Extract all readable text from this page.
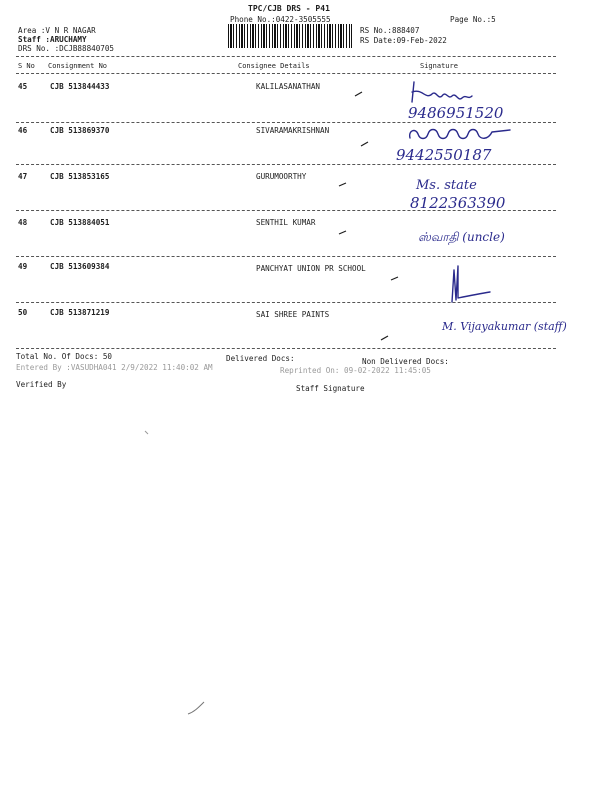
TPC/CJB DRS - P41
Phone No.:0422-3505555	Page No.:5
Area :V N R NAGAR
Staff :ARUCHAMY
DRS No. :DCJB88840705
RS No.:888407
RS Date:09-Feb-2022
S No Consignment No	Consignee Details	Signature
45	CJB 513844433	KALILASANATHAN
9486951520
46	CJB 513869370	SIVARAMAKRISHNAN
9442550187
47	CJB 513853165	GURUMOORTHY
Ms. state
8122363390
48	CJB 513884051	SENTHIL KUMAR
ஸ்வாதி (uncle)
49	CJB 513609384	PANCHYAT UNION PR SCHOOL
50	CJB 513871219	SAI SHREE PAINTS
M. Vijayakumar (staff)
Total No. Of Docs: 50	Delivered Docs:	Non Delivered Docs:
Entered By :VASUDHA041 2/9/2022 11:40:02 AM	Reprinted On: 09-02-2022 11:45:05
Verified By	Staff Signature
